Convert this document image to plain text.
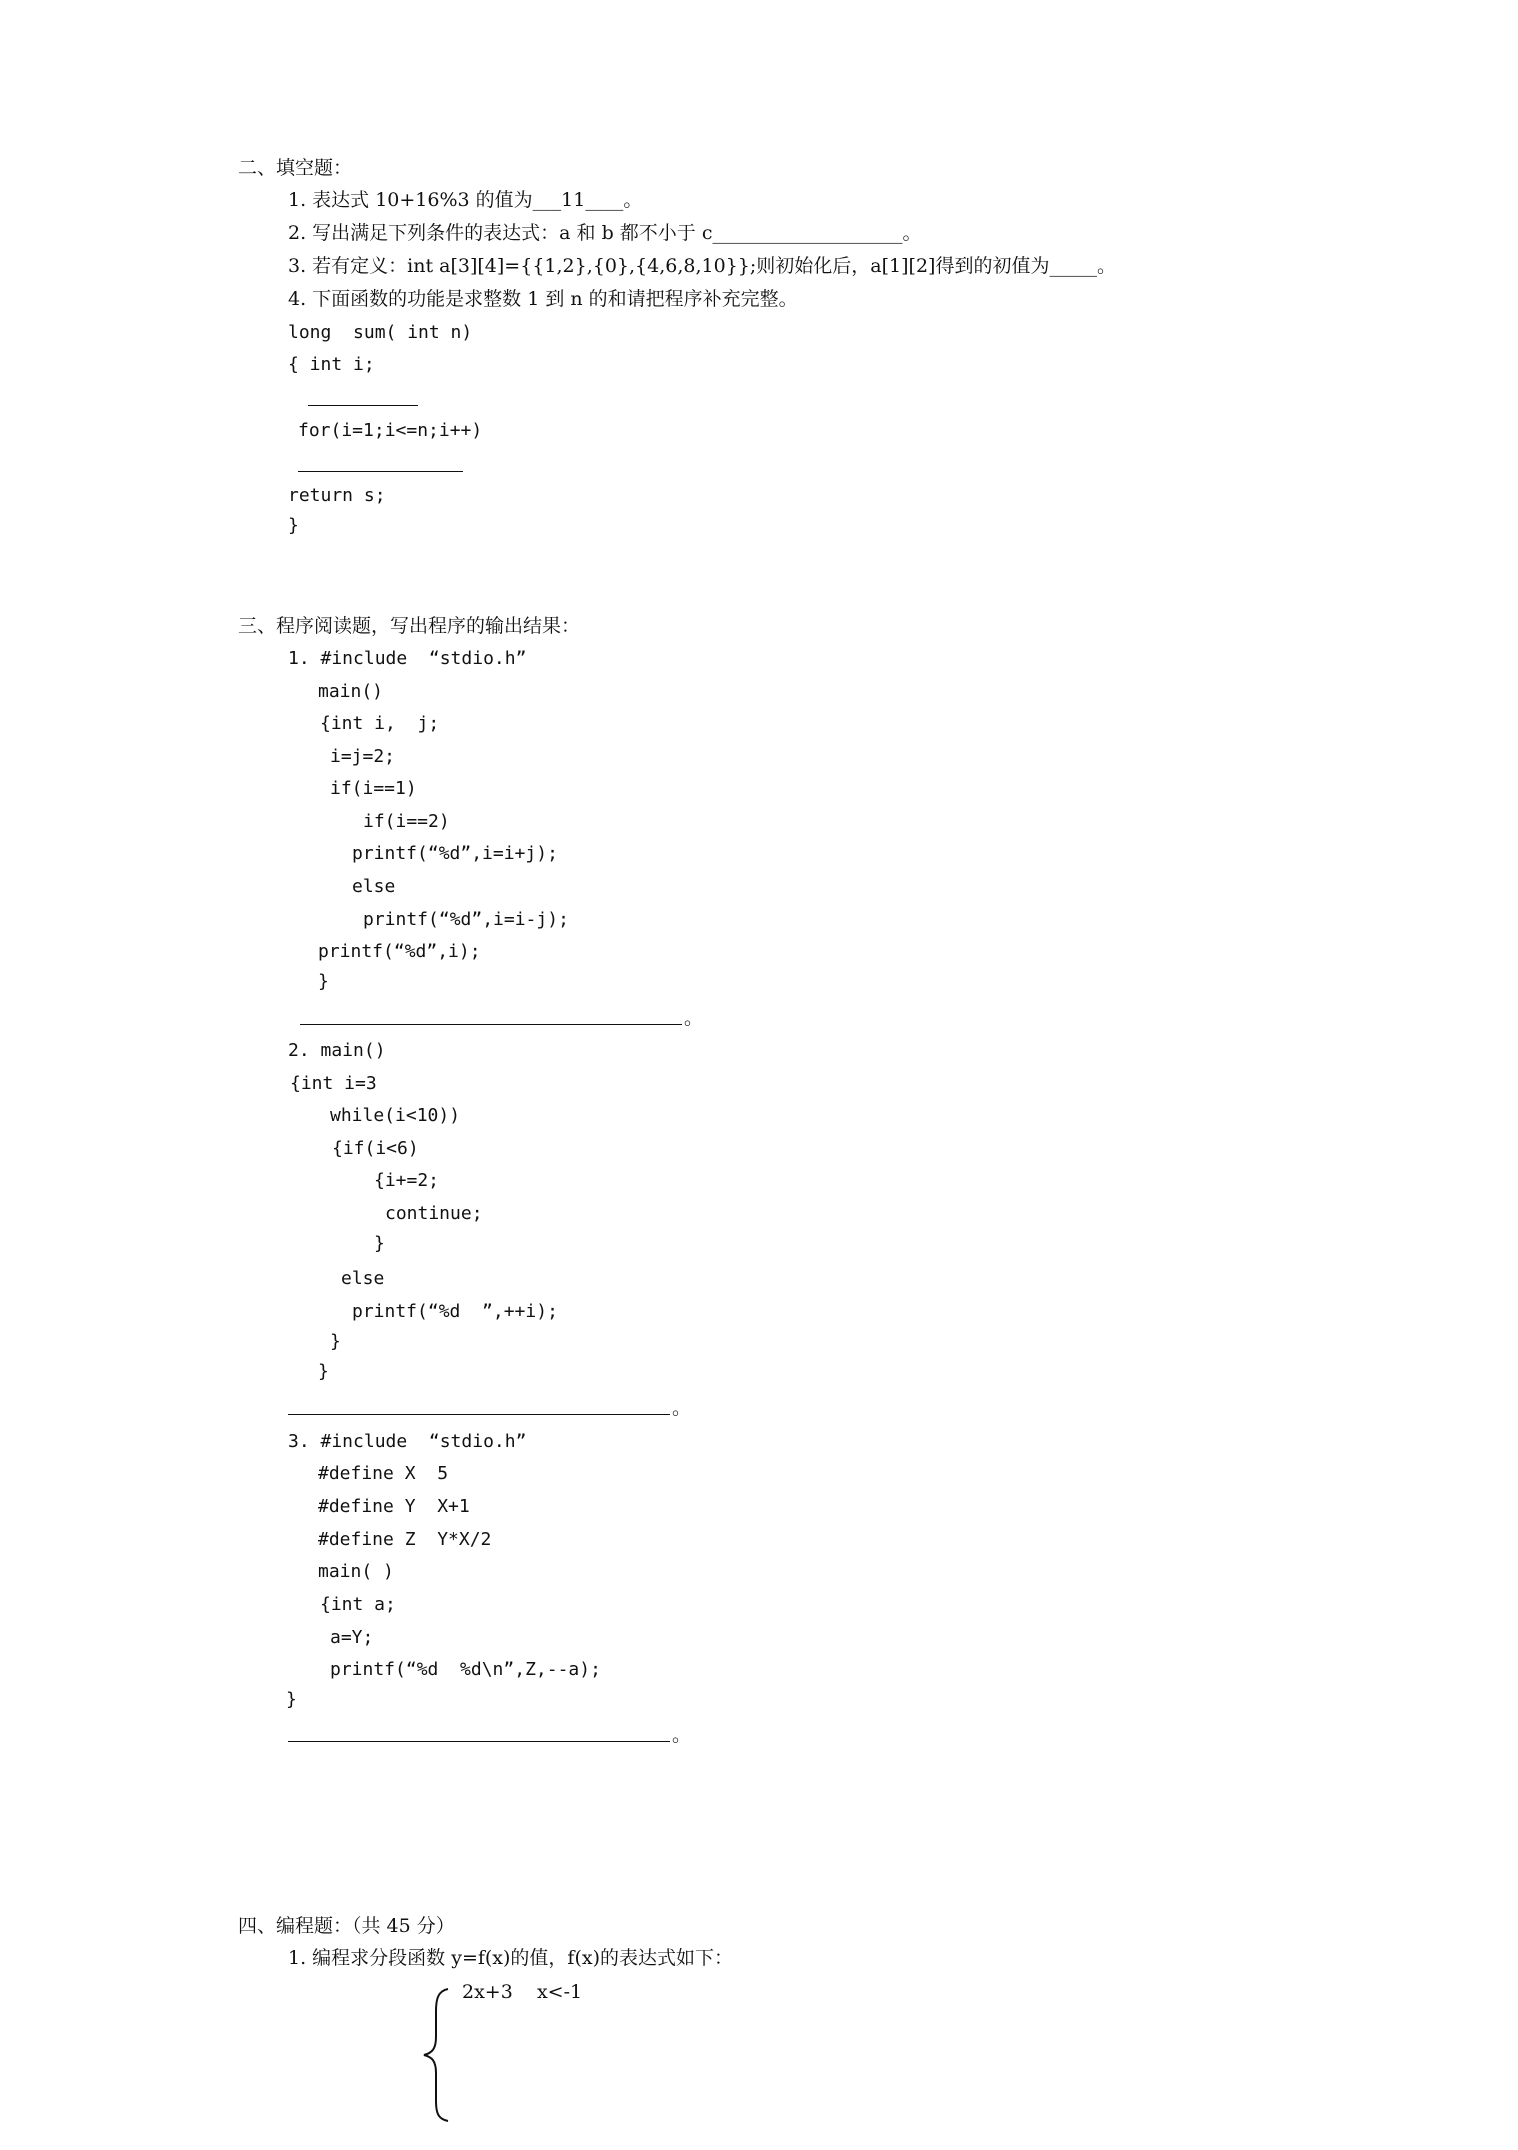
二、填空题：
1. 表达式 10+16%3 的值为___11____。
2. 写出满足下列条件的表达式：a 和 b 都不小于 c____________________。
3. 若有定义：int a[3][4]={{1,2},{0},{4,6,8,10}};则初始化后，a[1][2]得到的初值为_____。
4. 下面函数的功能是求整数 1 到 n 的和请把程序补充完整。
long  sum( int n)
{ int i;
for(i=1;i<=n;i++)
return s;
}
三、程序阅读题，写出程序的输出结果：
1. #include  “stdio.h”
main()
{int i,  j;
i=j=2;
if(i==1)
if(i==2)
printf(“%d”,i=i+j);
else
printf(“%d”,i=i-j);
printf(“%d”,i);
}
。
2. main()
{int i=3
while(i<10))
{if(i<6)
{i+=2;
continue;
}
else
printf(“%d  ”,++i);
}
}
。
3. #include  “stdio.h”
#define X  5
#define Y  X+1
#define Z  Y*X/2
main( )
{int a;
a=Y;
printf(“%d  %d\n”,Z,--a);
}
。
四、编程题：（共 45 分）
1. 编程求分段函数 y=f(x)的值，f(x)的表达式如下：
2x+3    x<-1
